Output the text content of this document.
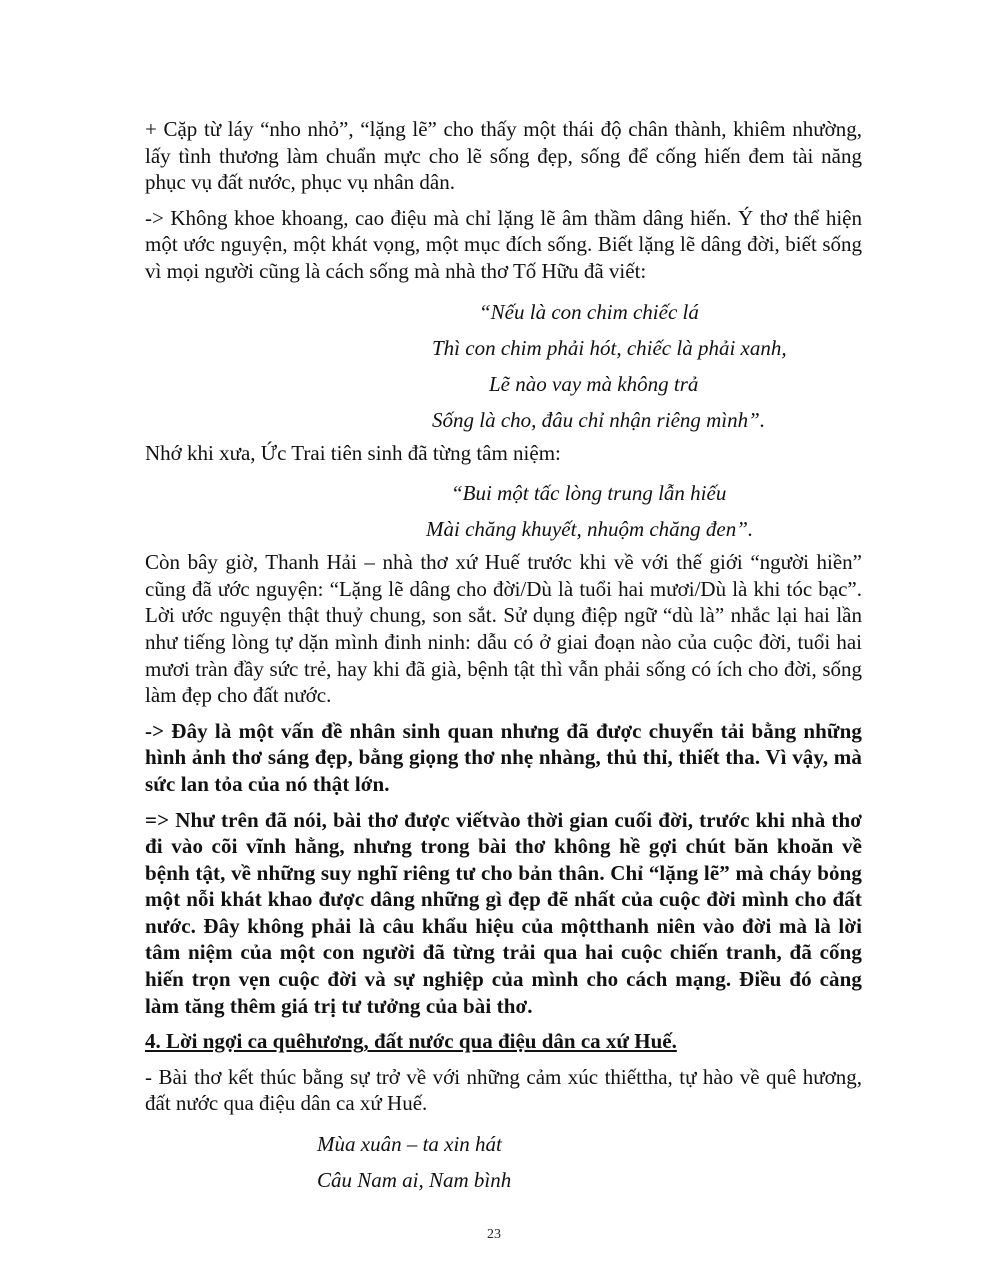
+ Cặp từ láy “nho nhỏ”, “lặng lẽ” cho thấy một thái độ chân thành, khiêm nhường, lấy tình thương làm chuẩn mực cho lẽ sống đẹp, sống để cống hiến đem tài năng phục vụ đất nước, phục vụ nhân dân.

-> Không khoe khoang, cao điệu mà chỉ lặng lẽ âm thầm dâng hiến. Ý thơ thể hiện một ước nguyện, một khát vọng, một mục đích sống. Biết lặng lẽ dâng đời, biết sống vì mọi người cũng là cách sống mà nhà thơ Tố Hữu đã viết:

“Nếu là con chim chiếc lá
Thì con chim phải hót, chiếc là phải xanh,
Lẽ nào vay mà không trả
Sống là cho, đâu chỉ nhận riêng mình”.

Nhớ khi xưa, Ức Trai tiên sinh đã từng tâm niệm:

“Bui một tấc lòng trung lẫn hiếu
Mài chăng khuyết, nhuộm chăng đen”.

Còn bây giờ, Thanh Hải – nhà thơ xứ Huế trước khi về với thế giới “người hiền” cũng đã ước nguyện: “Lặng lẽ dâng cho đời/Dù là tuổi hai mươi/Dù là khi tóc bạc”. Lời ước nguyện thật thuỷ chung, son sắt. Sử dụng điệp ngữ “dù là” nhắc lại hai lần như tiếng lòng tự dặn mình đinh ninh: dẫu có ở giai đoạn nào của cuộc đời, tuổi hai mươi tràn đầy sức trẻ, hay khi đã già, bệnh tật thì vẫn phải sống có ích cho đời, sống làm đẹp cho đất nước.

-> Đây là một vấn đề nhân sinh quan nhưng đã được chuyển tải bằng những hình ảnh thơ sáng đẹp, bằng giọng thơ nhẹ nhàng, thủ thỉ, thiết tha. Vì vậy, mà sức lan tỏa của nó thật lớn.

=> Như trên đã nói, bài thơ được viếtvào thời gian cuối đời, trước khi nhà thơ đi vào cõi vĩnh hằng, nhưng trong bài thơ không hề gợi chút băn khoăn về bệnh tật, về những suy nghĩ riêng tư cho bản thân. Chỉ “lặng lẽ” mà cháy bỏng một nỗi khát khao được dâng những gì đẹp đẽ nhất của cuộc đời mình cho đất nước. Đây không phải là câu khẩu hiệu của mộtthanh niên vào đời mà là lời tâm niệm của một con người đã từng trải qua hai cuộc chiến tranh, đã cống hiến trọn vẹn cuộc đời và sự nghiệp của mình cho cách mạng. Điều đó càng làm tăng thêm giá trị tư tưởng của bài thơ.

4. Lời ngợi ca quêhương, đất nước qua điệu dân ca xứ Huế.

- Bài thơ kết thúc bằng sự trở về với những cảm xúc thiếttha, tự hào về quê hương, đất nước qua điệu dân ca xứ Huế.

Mùa xuân – ta xin hát
Câu Nam ai, Nam bình
23
